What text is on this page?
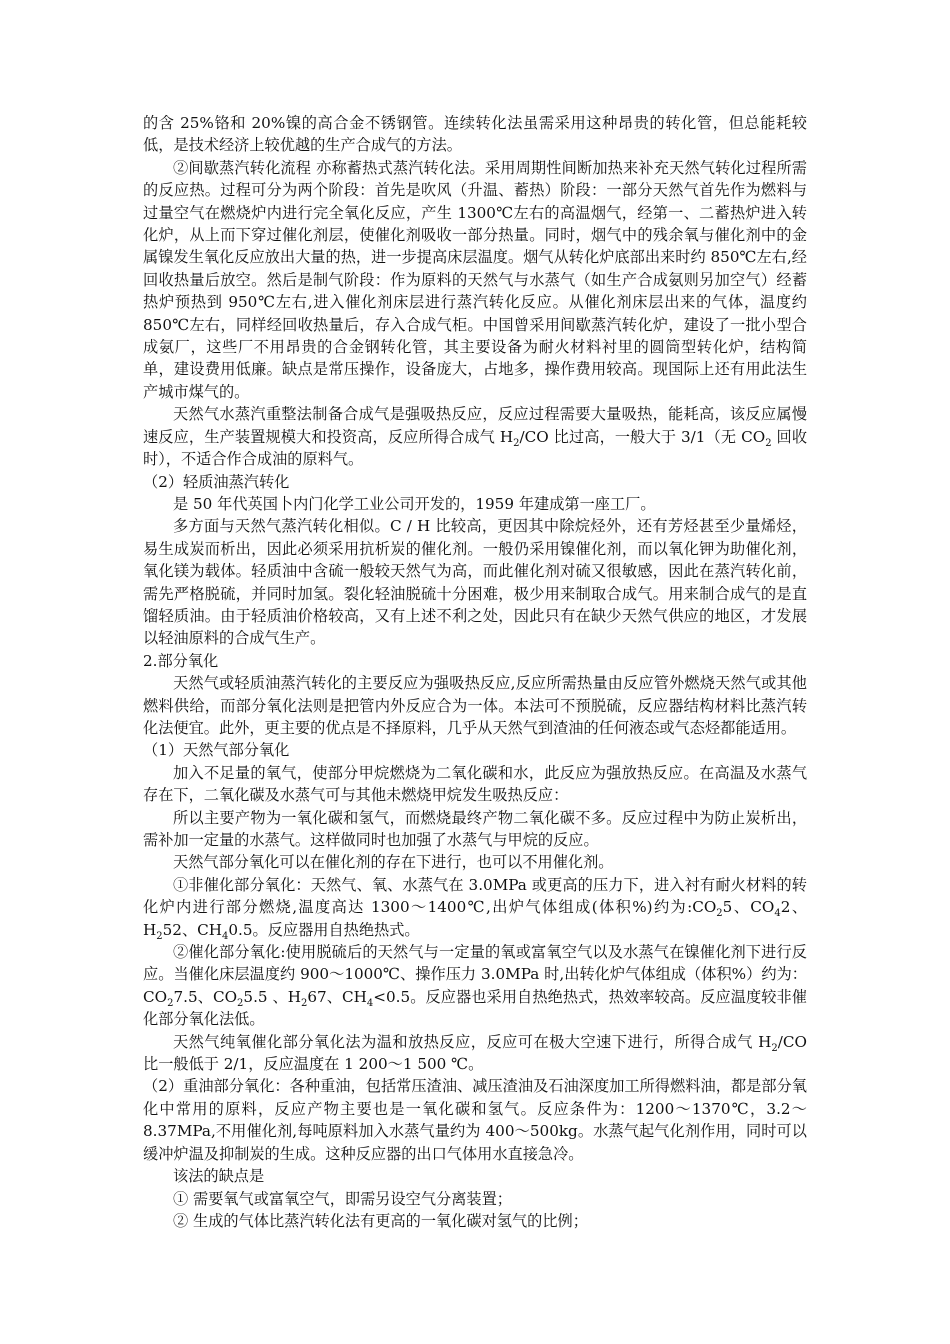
的含 25%铬和 20%镍的高合金不锈钢管。连续转化法虽需采用这种昂贵的转化管，但总能耗较低，是技术经济上较优越的生产合成气的方法。

②间歇蒸汽转化流程 亦称蓄热式蒸汽转化法。采用周期性间断加热来补充天然气转化过程所需的反应热。过程可分为两个阶段：首先是吹风（升温、蓄热）阶段：一部分天然气首先作为燃料与过量空气在燃烧炉内进行完全氧化反应，产生 1300℃左右的高温烟气，经第一、二蓄热炉进入转化炉，从上而下穿过催化剂层，使催化剂吸收一部分热量。同时，烟气中的残余氧与催化剂中的金属镍发生氧化反应放出大量的热，进一步提高床层温度。烟气从转化炉底部出来时约 850℃左右,经回收热量后放空。然后是制气阶段：作为原料的天然气与水蒸气（如生产合成氨则另加空气）经蓄热炉预热到 950℃左右,进入催化剂床层进行蒸汽转化反应。从催化剂床层出来的气体，温度约 850℃左右，同样经回收热量后，存入合成气柜。中国曾采用间歇蒸汽转化炉，建设了一批小型合成氨厂，这些厂不用昂贵的合金钢转化管，其主要设备为耐火材料衬里的圆筒型转化炉，结构简单，建设费用低廉。缺点是常压操作，设备庞大，占地多，操作费用较高。现国际上还有用此法生产城市煤气的。

天然气水蒸汽重整法制备合成气是强吸热反应，反应过程需要大量吸热，能耗高，该反应属慢速反应，生产装置规模大和投资高，反应所得合成气 $H_2/CO$ 比过高，一般大于 3/1（无 $CO_2$ 回收时），不适合作合成油的原料气。

（2）轻质油蒸汽转化

是 50 年代英国卜内门化学工业公司开发的，1959 年建成第一座工厂。

多方面与天然气蒸汽转化相似。C / H 比较高，更因其中除烷烃外，还有芳烃甚至少量烯烃，易生成炭而析出，因此必须采用抗析炭的催化剂。一般仍采用镍催化剂，而以氧化钾为助催化剂，氧化镁为载体。轻质油中含硫一般较天然气为高，而此催化剂对硫又很敏感，因此在蒸汽转化前，需先严格脱硫，并同时加氢。裂化轻油脱硫十分困难，极少用来制取合成气。用来制合成气的是直馏轻质油。由于轻质油价格较高，又有上述不利之处，因此只有在缺少天然气供应的地区，才发展以轻油原料的合成气生产。

2.部分氧化

天然气或轻质油蒸汽转化的主要反应为强吸热反应,反应所需热量由反应管外燃烧天然气或其他燃料供给，而部分氧化法则是把管内外反应合为一体。本法可不预脱硫，反应器结构材料比蒸汽转化法便宜。此外，更主要的优点是不择原料，几乎从天然气到渣油的任何液态或气态烃都能适用。

（1）天然气部分氧化

加入不足量的氧气，使部分甲烷燃烧为二氧化碳和水，此反应为强放热反应。在高温及水蒸气存在下，二氧化碳及水蒸气可与其他未燃烧甲烷发生吸热反应：

所以主要产物为一氧化碳和氢气，而燃烧最终产物二氧化碳不多。反应过程中为防止炭析出，需补加一定量的水蒸气。这样做同时也加强了水蒸气与甲烷的反应。

天然气部分氧化可以在催化剂的存在下进行，也可以不用催化剂。

①非催化部分氧化：天然气、氧、水蒸气在 3.0MPa 或更高的压力下，进入衬有耐火材料的转化炉内进行部分燃烧,温度高达 1300～1400℃,出炉气体组成(体积%)约为$:CO_25$、$CO_42$、$H_252$、$CH_40.5$。反应器用自热绝热式。

②催化部分氧化:使用脱硫后的天然气与一定量的氧或富氧空气以及水蒸气在镍催化剂下进行反应。当催化床层温度约 900～1000℃、操作压力 3.0MPa 时,出转化炉气体组成（体积%）约为： $CO_27.5$、$CO_25.5$ 、$H_267$、$CH_4<0.5$。反应器也采用自热绝热式，热效率较高。反应温度较非催化部分氧化法低。

天然气纯氧催化部分氧化法为温和放热反应，反应可在极大空速下进行，所得合成气 $H_2/CO$ 比一般低于 2/1，反应温度在 1 200～1 500 ℃。

（2）重油部分氧化：各种重油，包括常压渣油、减压渣油及石油深度加工所得燃料油，都是部分氧化中常用的原料，反应产物主要也是一氧化碳和氢气。反应条件为：1200～1370℃，3.2～8.37MPa,不用催化剂,每吨原料加入水蒸气量约为 400～500kg。水蒸气起气化剂作用，同时可以缓冲炉温及抑制炭的生成。这种反应器的出口气体用水直接急冷。

该法的缺点是

① 需要氧气或富氧空气，即需另设空气分离装置；

② 生成的气体比蒸汽转化法有更高的一氧化碳对氢气的比例；
